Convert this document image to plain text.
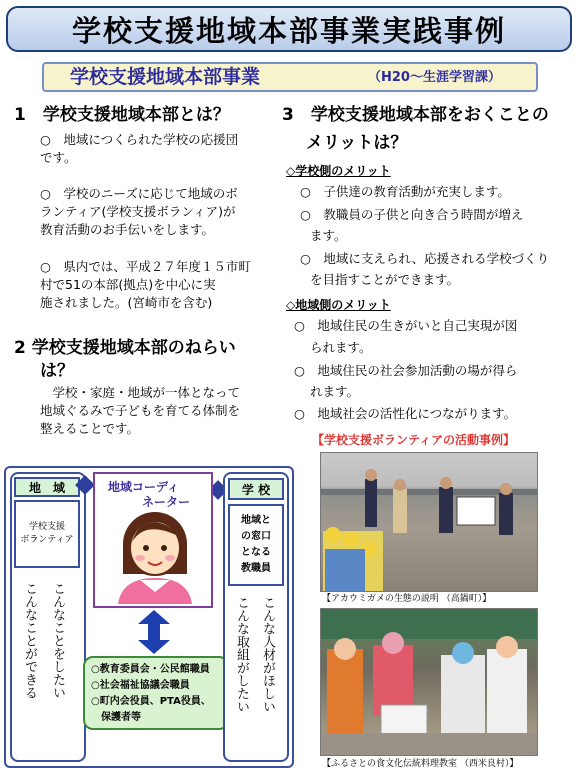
学校支援地域本部事業実践事例
学校支援地域本部事業	（H20～生涯学習課）
1　学校支援地域本部とは？
○　地域につくられた学校の応援団
です。
○　学校のニーズに応じて地域のボ
ランティア(学校支援ボランィア)が
教育活動のお手伝いをします。
○　県内では、平成２７年度１５市町
村で51の本部(拠点)を中心に実
施されました。(宮崎市を含む)
2 学校支援地域本部のねらい
は？
　学校・家庭・地域が一体となって
地域ぐるみで子どもを育てる体制を
整えることです。
3　学校支援地域本部をおくことの
メリットは？
◇学校側のメリット
○　子供達の教育活動が充実します。
○　教職員の子供と向き合う時間が増え
ます。
○　地域に支えられ、応援される学校づくり
を目指すことができます。
◇地域側のメリット
○　地域住民の生きがいと自己実現が図
られます。
○　地域住民の社会参加活動の場が得ら
れます。
○　地域社会の活性化につながります。
地　域
学校支援
ボランティア
こんなことをしたい
こんなことができる
地域コーディ
ネーター
○教育委員会・公民館職員
○社会福祉協議会職員
○町内会役員、PTA役員、
保護者等
学 校
地域と
の窓口
となる
教職員
こんな人材がほしい
こんな取組がしたい
【学校支援ボランティアの活動事例】
【アカウミガメの生態の説明 （高鍋町）】
【ふるさとの食文化伝統料理教室 （西米良村）】
